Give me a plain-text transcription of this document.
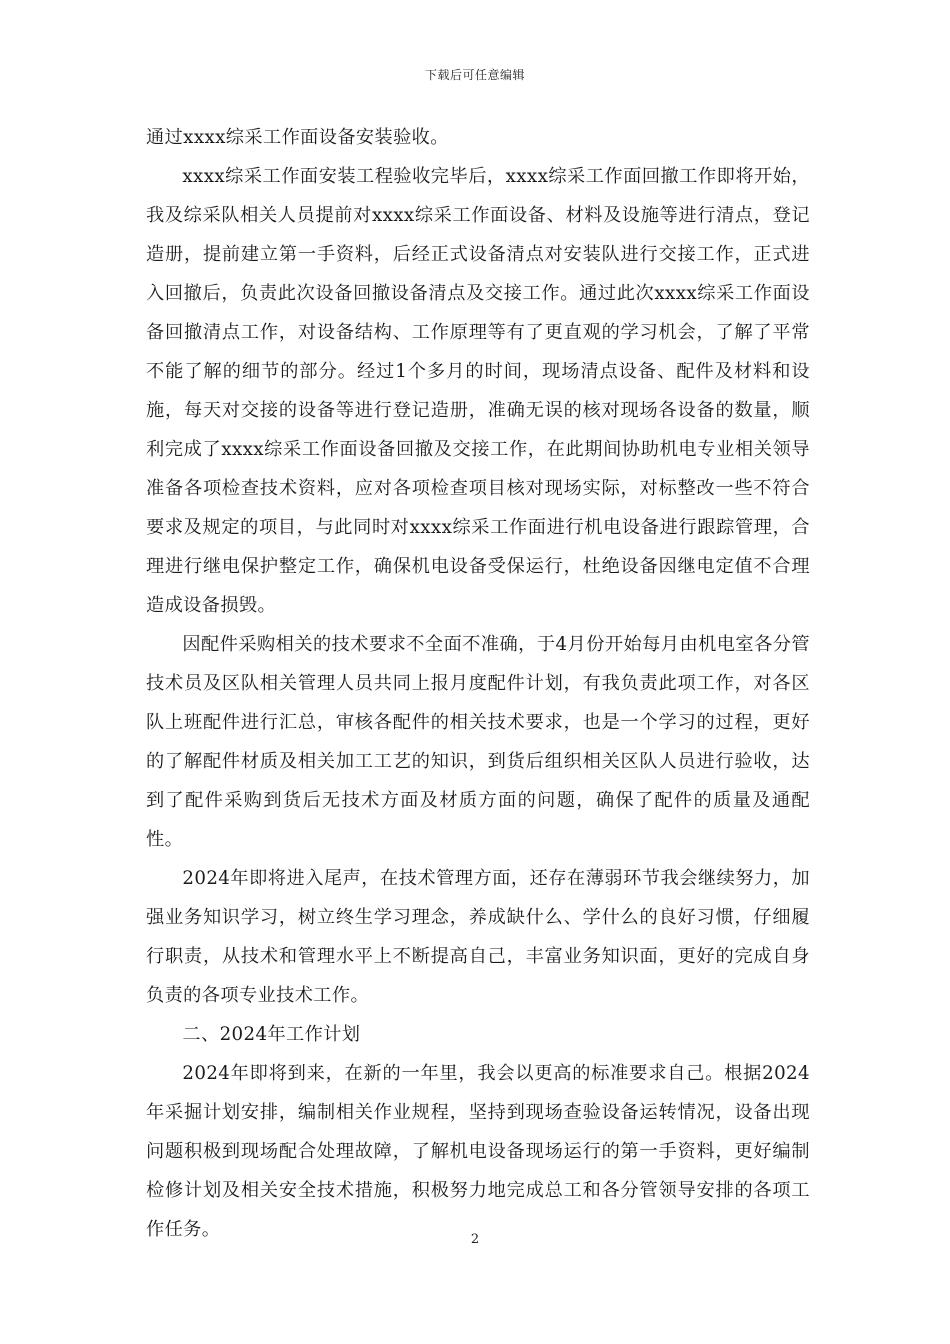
下载后可任意编辑

通过xxxx综采工作面设备安装验收。

xxxx综采工作面安装工程验收完毕后，xxxx综采工作面回撤工作即将开始，我及综采队相关人员提前对xxxx综采工作面设备、材料及设施等进行清点，登记造册，提前建立第一手资料，后经正式设备清点对安装队进行交接工作，正式进入回撤后，负责此次设备回撤设备清点及交接工作。通过此次xxxx综采工作面设备回撤清点工作，对设备结构、工作原理等有了更直观的学习机会，了解了平常不能了解的细节的部分。经过1个多月的时间，现场清点设备、配件及材料和设施，每天对交接的设备等进行登记造册，准确无误的核对现场各设备的数量，顺利完成了xxxx综采工作面设备回撤及交接工作，在此期间协助机电专业相关领导准备各项检查技术资料，应对各项检查项目核对现场实际，对标整改一些不符合要求及规定的项目，与此同时对xxxx综采工作面进行机电设备进行跟踪管理，合理进行继电保护整定工作，确保机电设备受保运行，杜绝设备因继电定值不合理造成设备损毁。

因配件采购相关的技术要求不全面不准确，于4月份开始每月由机电室各分管技术员及区队相关管理人员共同上报月度配件计划，有我负责此项工作，对各区队上班配件进行汇总，审核各配件的相关技术要求，也是一个学习的过程，更好的了解配件材质及相关加工工艺的知识，到货后组织相关区队人员进行验收，达到了配件采购到货后无技术方面及材质方面的问题，确保了配件的质量及通配性。

2024年即将进入尾声，在技术管理方面，还存在薄弱环节我会继续努力，加强业务知识学习，树立终生学习理念，养成缺什么、学什么的良好习惯，仔细履行职责，从技术和管理水平上不断提高自己，丰富业务知识面，更好的完成自身负责的各项专业技术工作。

二、2024年工作计划

2024年即将到来，在新的一年里，我会以更高的标准要求自己。根据2024年采掘计划安排，编制相关作业规程，坚持到现场查验设备运转情况，设备出现问题积极到现场配合处理故障，了解机电设备现场运行的第一手资料，更好编制检修计划及相关安全技术措施，积极努力地完成总工和各分管领导安排的各项工作任务。	2
